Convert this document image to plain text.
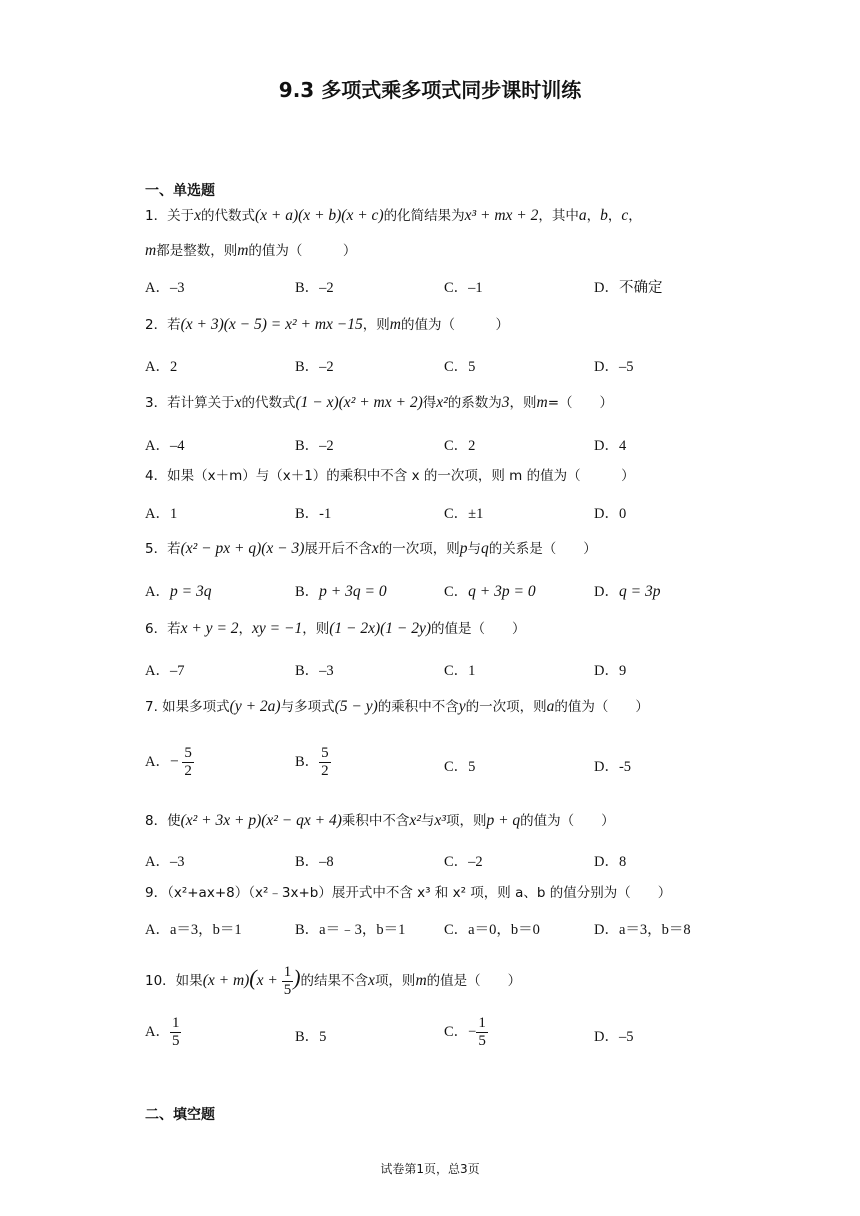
9.3 多项式乘多项式同步课时训练
一、单选题
1．关于x的代数式(x + a)(x + b)(x + c)的化简结果为x³ + mx + 2，其中a，b，c，
m都是整数，则m的值为（　　　）
A．–3	B．–2	C．–1	D．不确定
2．若(x + 3)(x − 5) = x² + mx −15，则m的值为（　　　）
A．2	B．–2	C．5	D．–5
3．若计算关于x的代数式(1 − x)(x² + mx + 2)得x²的系数为3，则m=（　　）
A．–4	B．–2	C．2	D．4
4．如果（x＋m）与（x＋1）的乘积中不含 x 的一次项，则 m 的值为（　　　）
A．1	B．-1	C．±1	D．0
5．若(x² − px + q)(x − 3)展开后不含x的一次项，则p与q的关系是（　　）
A．p = 3q	B．p + 3q = 0	C．q + 3p = 0	D．q = 3p
6．若x + y = 2，xy = −1，则(1 − 2x)(1 − 2y)的值是（　　）
A．–7	B．–3	C．1	D．9
7. 如果多项式(y + 2a)与多项式(5 − y)的乘积中不含y的一次项，则a的值为（　　）
A．− $\frac{5}{2}$	B． $\frac{5}{2}$	C．5	D．-5
8．使(x² + 3x + p)(x² − qx + 4)乘积中不含x²与x³项，则p + q的值为（　　）
A．–3	B．–8	C．–2	D．8
9．（x²+ax+8）（x²﹣3x+b）展开式中不含 x³ 和 x² 项，则 a、b 的值分别为（　　）
A．a＝3，b＝1	B．a＝﹣3，b＝1	C．a＝0，b＝0	D．a＝3，b＝8
10．如果$(x + m)(x + \frac{1}{5}$ )的结果不含x项，则m的值是（　　）
A． $\frac{1}{5}$	B．5	C．− $\frac{1}{5}$	D．–5
二、填空题
试卷第1页，总3页
